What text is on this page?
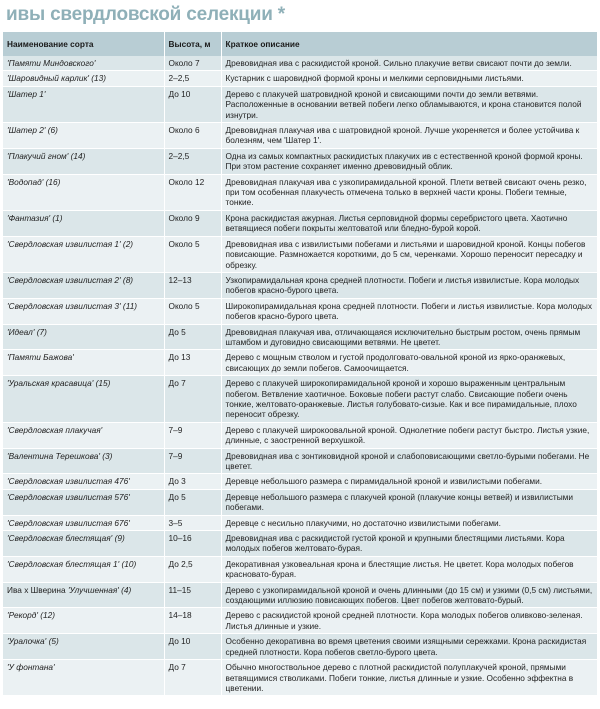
ивы свердловской селекции *
Наименование сорта	Высота, м	Краткое описание
'Памяти Миндовского'	Около 7	Древовидная ива с раскидистой кроной. Сильно плакучие ветви свисают почти до земли.
'Шаровидный карлик' (13)	2–2,5	Кустарник с шаровидной формой кроны и мелкими серповидными листьями.
'Шатер 1'	До 10	Дерево с плакучей шатровидной кроной и свисающими почти до земли ветвями. Расположенные в основании ветвей побеги легко обламываются, и крона становится полой изнутри.
'Шатер 2' (6)	Около 6	Древовидная плакучая ива с шатровидной кроной. Лучше укореняется и более устойчива к болезням, чем 'Шатер 1'.
'Плакучий гном' (14)	2–2,5	Одна из самых компактных раскидистых плакучих ив с естественной кроной формой кроны. При этом растение сохраняет именно древовидный облик.
'Водопад' (16)	Около 12	Древовидная плакучая ива с узкопирамидальной кроной. Плети ветвей свисают очень резко, при том особенная плакучесть отмечена только в верхней части кроны. Побеги темные, тонкие.
'Фантазия' (1)	Около 9	Крона раскидистая ажурная. Листья серповидной формы серебристого цвета. Хаотично ветвящиеся побеги покрыты желтоватой или бледно-бурой корой.
'Свердловская извилистая 1' (2)	Около 5	Древовидная ива с извилистыми побегами и листьями и шаровидной кроной. Концы побегов повисающие. Размножается короткими, до 5 см, черенками. Хорошо переносит пересадку и обрезку.
'Свердловская извилистая 2' (8)	12–13	Узкопирамидальная крона средней плотности. Побеги и листья извилистые. Кора молодых побегов красно-бурого цвета.
'Свердловская извилистая 3' (11)	Около 5	Широкопирамидальная крона средней плотности. Побеги и листья извилистые. Кора молодых побегов красно-бурого цвета.
'Идеал' (7)	До 5	Древовидная плакучая ива, отличающаяся исключительно быстрым ростом, очень прямым штамбом и дуговидно свисающими ветвями. Не цветет.
'Памяти Бажова'	До 13	Дерево с мощным стволом и густой продолговато-овальной кроной из ярко-оранжевых, свисающих до земли побегов. Самоочищается.
'Уральская красавица' (15)	До 7	Дерево с плакучей широкопирамидальной кроной и хорошо выраженным центральным побегом. Ветвление хаотичное. Боковые побеги растут слабо. Свисающие побеги очень тонкие, желтовато-оранжевые. Листья голубовато-сизые. Как и все пирамидальные, плохо переносит обрезку.
'Свердловская плакучая'	7–9	Дерево с плакучей широкоовальной кроной. Однолетние побеги растут быстро. Листья узкие, длинные, с заостренной верхушкой.
'Валентина Терешкова' (3)	7–9	Древовидная ива с зонтиковидной кроной и слабоповисающими светло-бурыми побегами. Не цветет.
'Свердловская извилистая 476'	До 3	Деревце небольшого размера с пирамидальной кроной и извилистыми побегами.
'Свердловская извилистая 576'	До 5	Деревце небольшого размера с плакучей кроной (плакучие концы ветвей) и извилистыми побегами.
'Свердловская извилистая 676'	3–5	Деревце с несильно плакучими, но достаточно извилистыми побегами.
'Свердловская блестящая' (9)	10–16	Древовидная ива с раскидистой густой кроной и крупными блестящими листьями. Кора молодых побегов желтовато-бурая.
'Свердловская блестящая 1' (10)	До 2,5	Декоративная узковеальная крона и блестящие листья. Не цветет. Кора молодых побегов красновато-бурая.
Ива x Шверина 'Улучшенная' (4)	11–15	Дерево с узкопирамидальной кроной и очень длинными (до 15 см) и узкими (0,5 см) листьями, создающими иллюзию повисающих побегов. Цвет побегов желтовато-бурый.
'Рекорд' (12)	14–18	Дерево с раскидистой кроной средней плотности. Кора молодых побегов оливково-зеленая. Листья длинные и узкие.
'Уралочка' (5)	До 10	Особенно декоративна во время цветения своими изящными сережками. Крона раскидистая средней плотности. Кора побегов светло-бурого цвета.
'У фонтана'	До 7	Обычно многоствольное дерево с плотной раскидистой полуплакучей кроной, прямыми ветвящимися стволиками. Побеги тонкие, листья длинные и узкие. Особенно эффектна в цветении.
